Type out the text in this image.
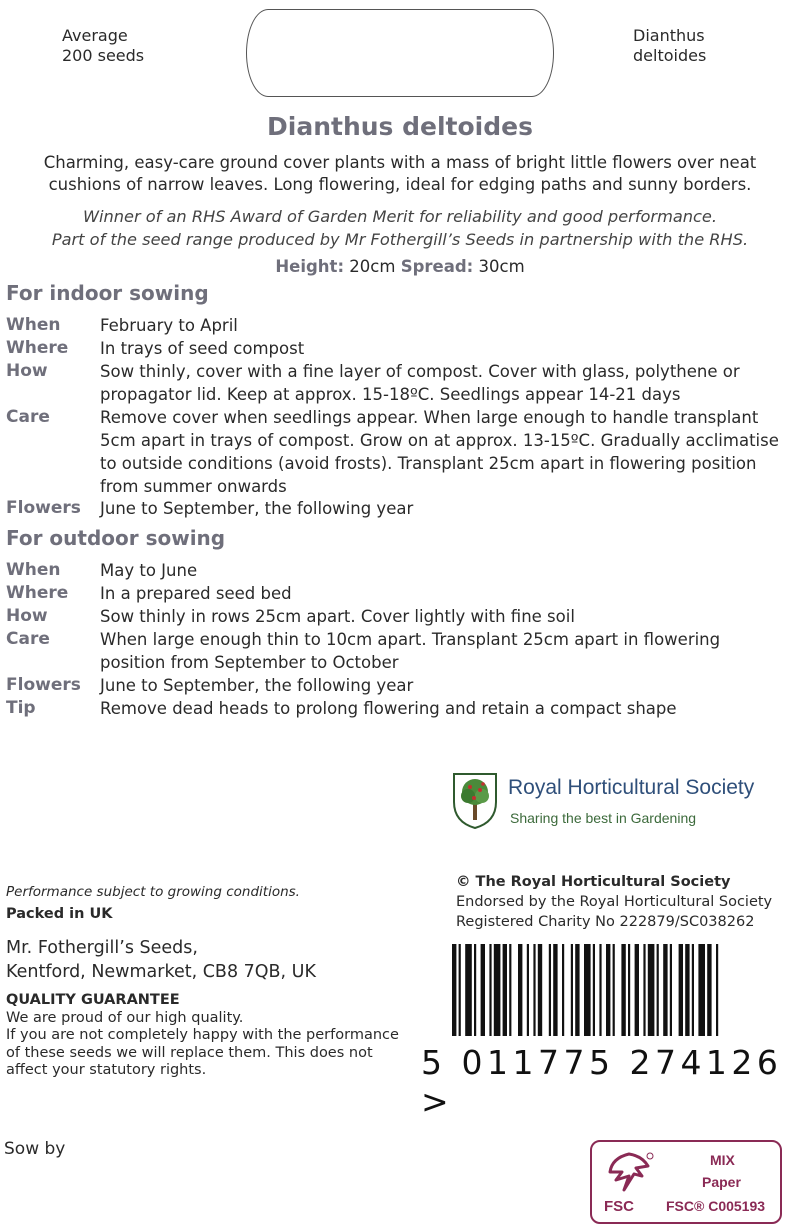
Average
200 seeds
Dianthus
deltoides
Dianthus deltoides
Charming, easy-care ground cover plants with a mass of bright little flowers over neat cushions of narrow leaves. Long flowering, ideal for edging paths and sunny borders.
Winner of an RHS Award of Garden Merit for reliability and good performance.
Part of the seed range produced by Mr Fothergill’s Seeds in partnership with the RHS.
Height: 20cm Spread: 30cm
For indoor sowing
When February to April
Where In trays of seed compost
How	Sow thinly, cover with a fine layer of compost. Cover with glass, polythene or
propagator lid. Keep at approx. 15-18ºC. Seedlings appear 14-21 days
Care	Remove cover when seedlings appear. When large enough to handle transplant
5cm apart in trays of compost. Grow on at approx. 13-15ºC. Gradually acclimatise
to outside conditions (avoid frosts). Transplant 25cm apart in flowering position
from summer onwards
Flowers June to September, the following year
For outdoor sowing
When May to June
Where In a prepared seed bed
How	Sow thinly in rows 25cm apart. Cover lightly with fine soil
Care	When large enough thin to 10cm apart. Transplant 25cm apart in flowering
position from September to October
Flowers June to September, the following year
Tip	Remove dead heads to prolong flowering and retain a compact shape
Royal Horticultural Society
Sharing the best in Gardening
Performance subject to growing conditions.
Packed in UK
Mr. Fothergill’s Seeds,
Kentford, Newmarket, CB8 7QB, UK
QUALITY GUARANTEE
We are proud of our high quality.
If you are not completely happy with the performance
of these seeds we will replace them. This does not
affect your statutory rights.
© The Royal Horticultural Society
Endorsed by the Royal Horticultural Society
Registered Charity No 222879/SC038262
5 011775 274126 >
Sow by
FSC
MIX
Paper
FSC® C005193
